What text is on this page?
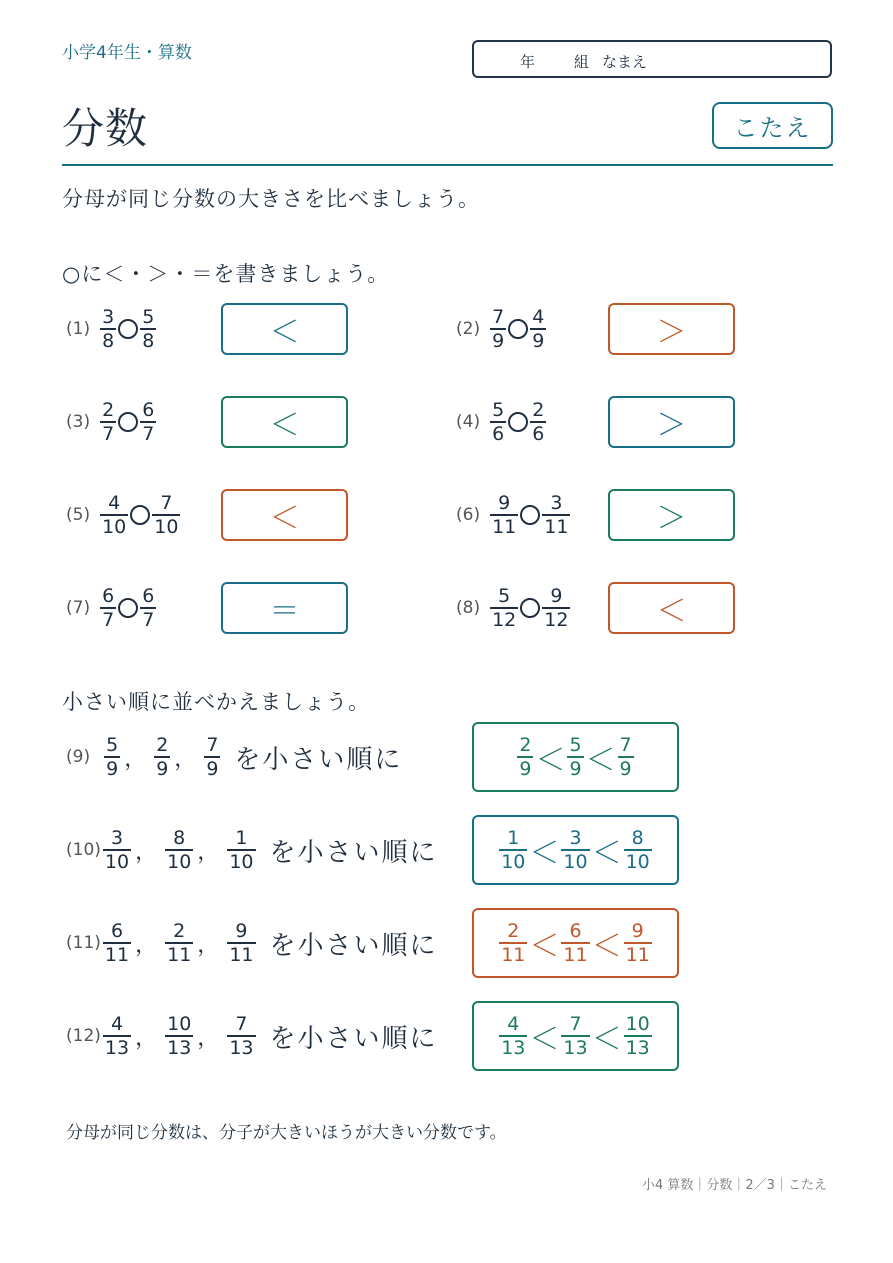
小学4年生・算数	年	組 なまえ
分数	こたえ
分母が同じ分数の大きさを比べましょう。
○に＜・＞・＝を書きましょう。
$(1) \frac{3}{8} \frac{5}{8}$	＜	$(2) \frac{7}{9} \frac{4}{9}$	＞
$(3) \frac{2}{7} \frac{6}{7}$	＜	$(4) \frac{5}{6} \frac{2}{6}$	＞
$(5) \frac{4}{10} \frac{7}{10}$	＜	$(6) \frac{9}{11} \frac{3}{11}$	＞
$(7) \frac{6}{7} \frac{6}{7}$	＝	$(8) \frac{5}{12} \frac{9}{12}$	＜
小さい順に並べかえましょう。
$(9) \frac{5}{9}$ ， $\frac{2}{9}$ ， $\frac{7}{9}$ を小さい順に	$\frac{2}{9} < \frac{5}{9} < \frac{7}{9}$
$(10) \frac{3}{10}$ ， $\frac{8}{10}$ ， $\frac{1}{10}$ を小さい順に	$\frac{1}{10} < \frac{3}{10} < \frac{8}{10}$
$(11) \frac{6}{11}$ ， $\frac{2}{11}$ ， $\frac{9}{11}$ を小さい順に	$\frac{2}{11} < \frac{6}{11} < \frac{9}{11}$
$(12) \frac{4}{13}$ ， $\frac{10}{13}$ ， $\frac{7}{13}$ を小さい順に	$\frac{4}{13} < \frac{7}{13} < \frac{10}{13}$
分母が同じ分数は、分子が大きいほうが大きい分数です。
小4 算数｜分数｜2／3｜こたえ
